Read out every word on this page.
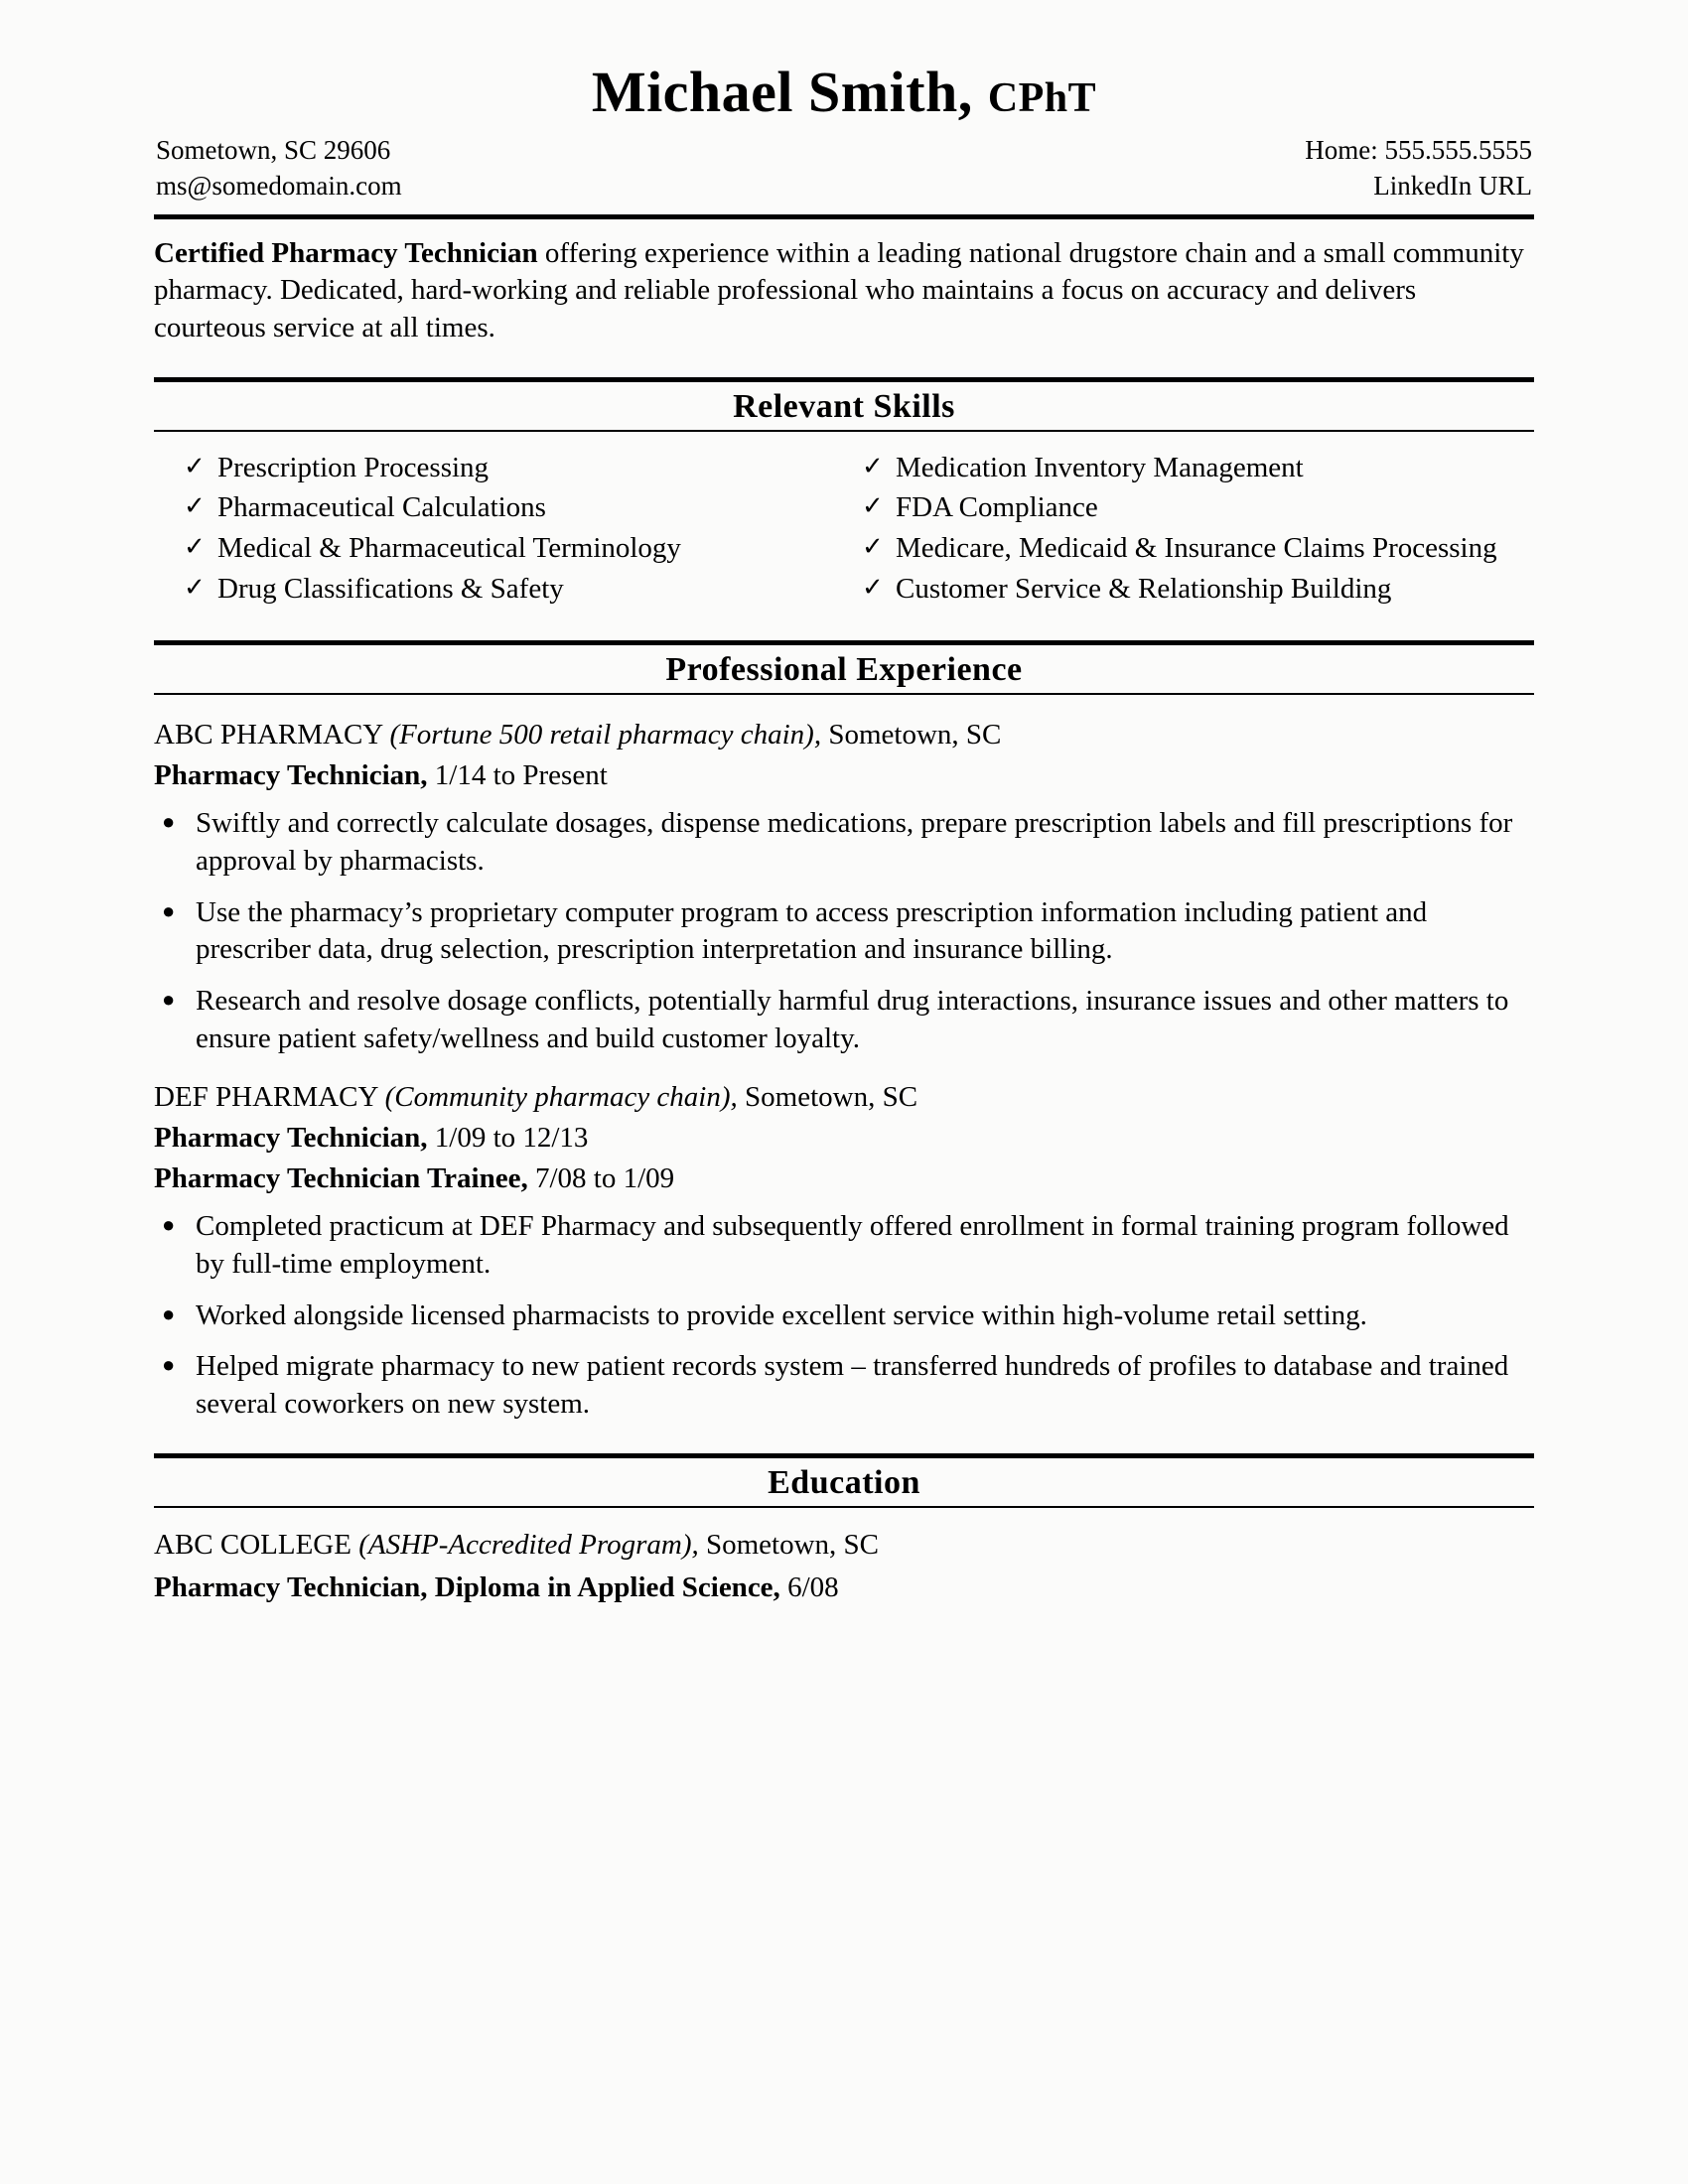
Michael Smith, CPhT
Sometown, SC 29606	Home: 555.555.5555
ms@somedomain.com	LinkedIn URL
Certified Pharmacy Technician offering experience within a leading national drugstore chain and a small community pharmacy. Dedicated, hard-working and reliable professional who maintains a focus on accuracy and delivers courteous service at all times.
Relevant Skills
✓ Prescription Processing
✓ Pharmaceutical Calculations
✓ Medical & Pharmaceutical Terminology
✓ Drug Classifications & Safety
✓ Medication Inventory Management
✓ FDA Compliance
✓ Medicare, Medicaid & Insurance Claims Processing
✓ Customer Service & Relationship Building
Professional Experience
ABC PHARMACY (Fortune 500 retail pharmacy chain), Sometown, SC
Pharmacy Technician, 1/14 to Present
● Swiftly and correctly calculate dosages, dispense medications, prepare prescription labels and fill prescriptions for approval by pharmacists.
● Use the pharmacy’s proprietary computer program to access prescription information including patient and prescriber data, drug selection, prescription interpretation and insurance billing.
● Research and resolve dosage conflicts, potentially harmful drug interactions, insurance issues and other matters to ensure patient safety/wellness and build customer loyalty.
DEF PHARMACY (Community pharmacy chain), Sometown, SC
Pharmacy Technician, 1/09 to 12/13
Pharmacy Technician Trainee, 7/08 to 1/09
● Completed practicum at DEF Pharmacy and subsequently offered enrollment in formal training program followed by full-time employment.
● Worked alongside licensed pharmacists to provide excellent service within high-volume retail setting.
● Helped migrate pharmacy to new patient records system – transferred hundreds of profiles to database and trained several coworkers on new system.
Education
ABC COLLEGE (ASHP-Accredited Program), Sometown, SC
Pharmacy Technician, Diploma in Applied Science, 6/08
